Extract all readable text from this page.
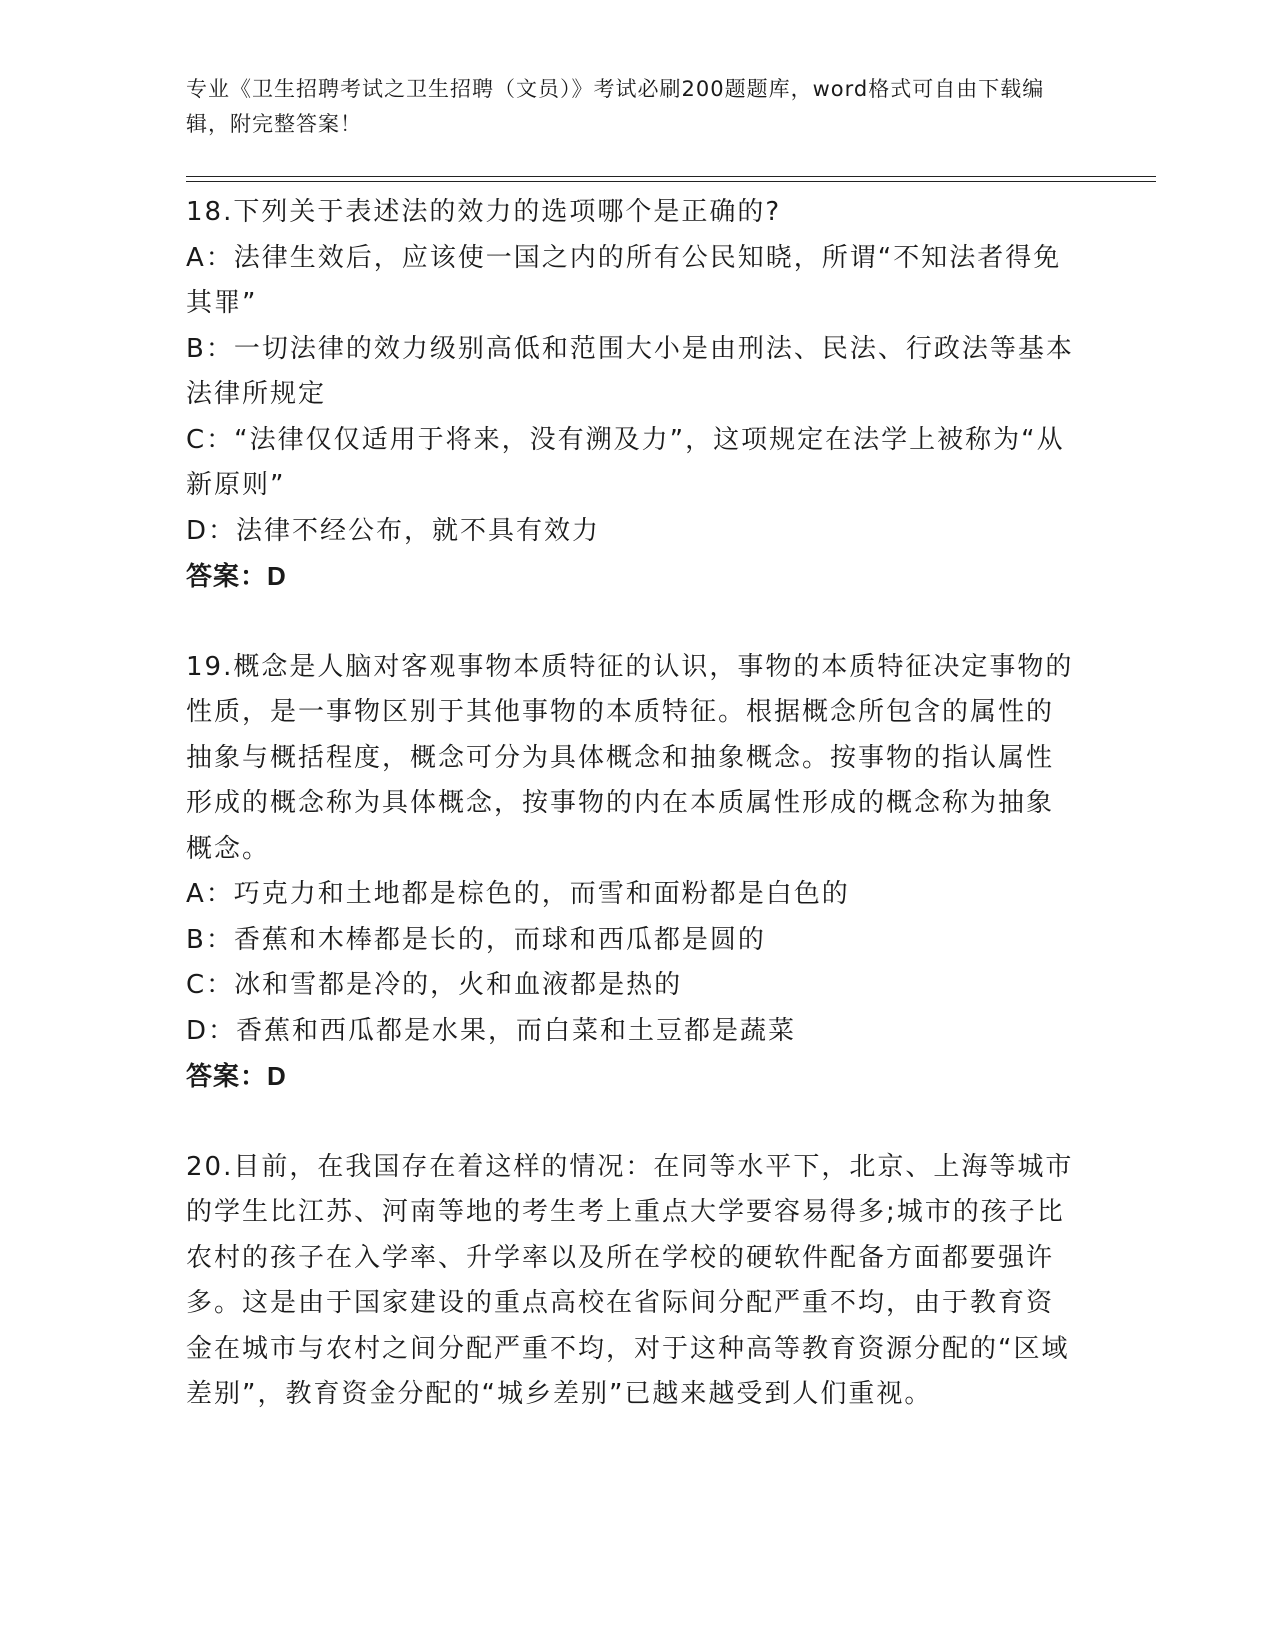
专业《卫生招聘考试之卫生招聘（文员）》考试必刷200题题库，word格式可自由下载编辑，附完整答案！

18.下列关于表述法的效力的选项哪个是正确的?

A：法律生效后，应该使一国之内的所有公民知晓，所谓“不知法者得免其罪”

B：一切法律的效力级别高低和范围大小是由刑法、民法、行政法等基本法律所规定

C：“法律仅仅适用于将来，没有溯及力”，这项规定在法学上被称为“从新原则”

D：法律不经公布，就不具有效力

答案：D

19.概念是人脑对客观事物本质特征的认识，事物的本质特征决定事物的性质，是一事物区别于其他事物的本质特征。根据概念所包含的属性的抽象与概括程度，概念可分为具体概念和抽象概念。按事物的指认属性形成的概念称为具体概念，按事物的内在本质属性形成的概念称为抽象概念。

A：巧克力和土地都是棕色的，而雪和面粉都是白色的

B：香蕉和木棒都是长的，而球和西瓜都是圆的

C：冰和雪都是冷的，火和血液都是热的

D：香蕉和西瓜都是水果，而白菜和土豆都是蔬菜

答案：D

20.目前，在我国存在着这样的情况：在同等水平下，北京、上海等城市的学生比江苏、河南等地的考生考上重点大学要容易得多;城市的孩子比农村的孩子在入学率、升学率以及所在学校的硬软件配备方面都要强许多。这是由于国家建设的重点高校在省际间分配严重不均，由于教育资金在城市与农村之间分配严重不均，对于这种高等教育资源分配的“区域差别”，教育资金分配的“城乡差别”已越来越受到人们重视。
